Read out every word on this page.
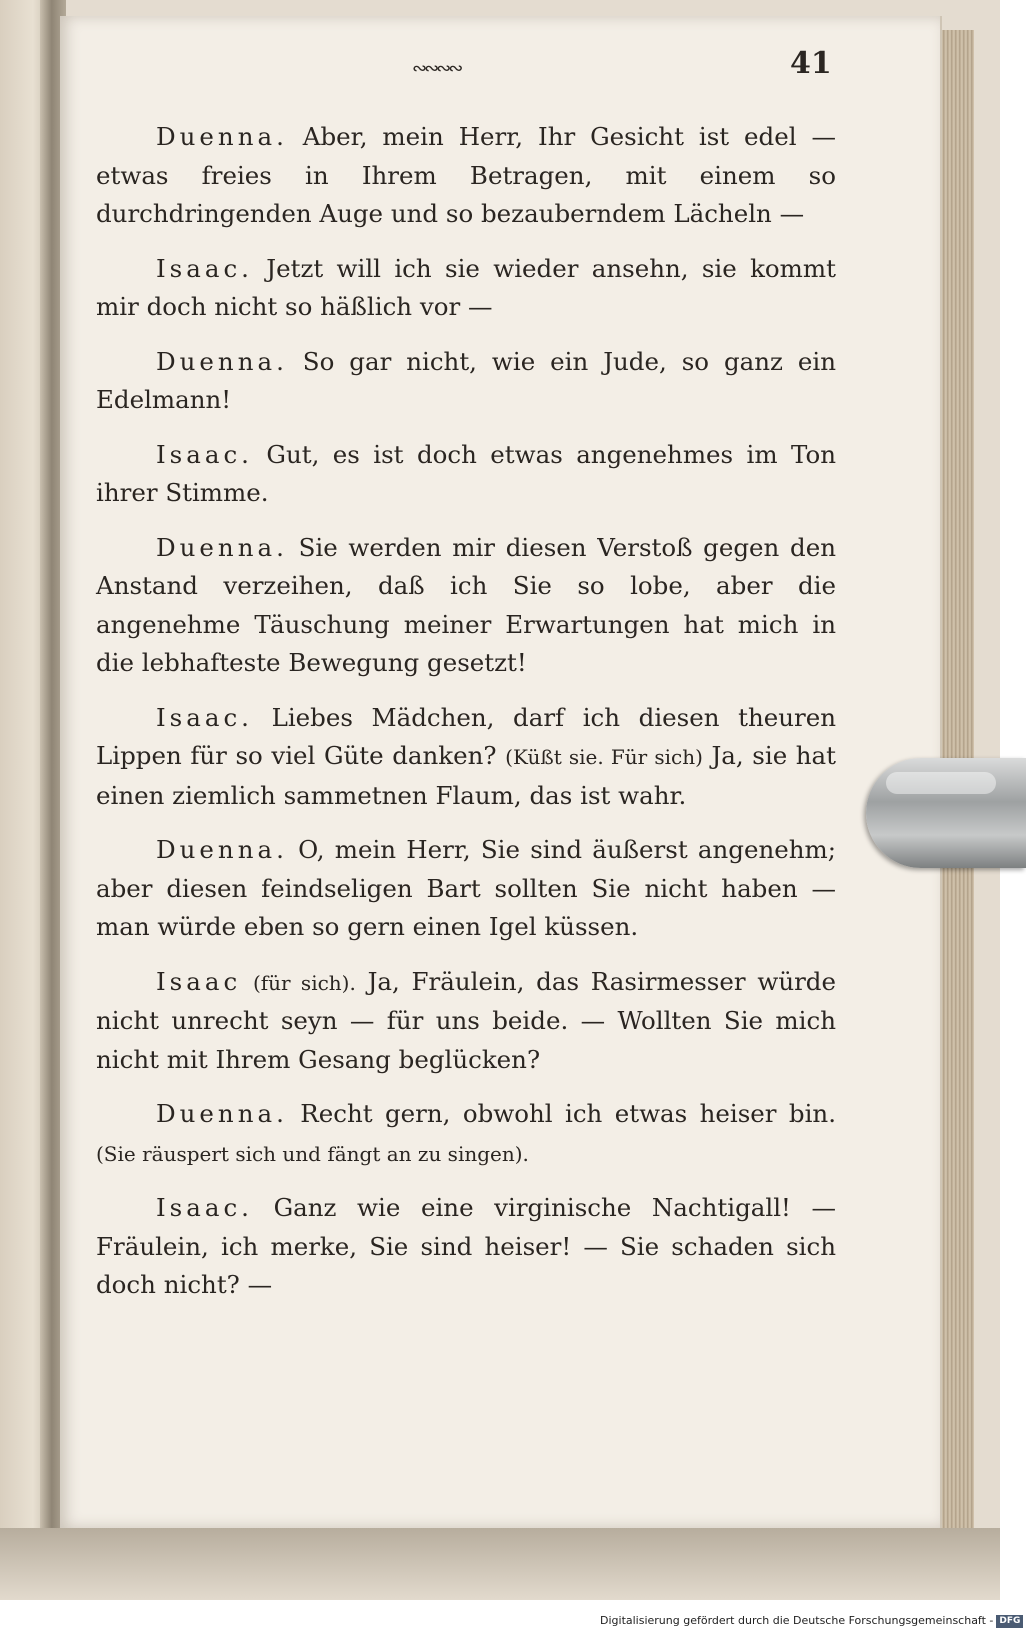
∾∾∾∾	41

Duenna. Aber, mein Herr, Ihr Gesicht ist edel — etwas freies in Ihrem Betragen, mit einem so durchdringenden Auge und so bezauberndem Lächeln —

Isaac. Jetzt will ich sie wieder ansehn, sie kommt mir doch nicht so häßlich vor —

Duenna. So gar nicht, wie ein Jude, so ganz ein Edelmann!

Isaac. Gut, es ist doch etwas angenehmes im Ton ihrer Stimme.

Duenna. Sie werden mir diesen Verstoß gegen den Anstand verzeihen, daß ich Sie so lobe, aber die angenehme Täuschung meiner Erwartungen hat mich in die lebhafteste Bewegung gesetzt!

Isaac. Liebes Mädchen, darf ich diesen theuren Lippen für so viel Güte danken? (Küßt sie. Für sich) Ja, sie hat einen ziemlich sammetnen Flaum, das ist wahr.

Duenna. O, mein Herr, Sie sind äußerst angenehm; aber diesen feindseligen Bart sollten Sie nicht haben — man würde eben so gern einen Igel küssen.

Isaac (für sich). Ja, Fräulein, das Rasirmesser würde nicht unrecht seyn — für uns beide. — Wollten Sie mich nicht mit Ihrem Gesang beglücken?

Duenna. Recht gern, obwohl ich etwas heiser bin. (Sie räuspert sich und fängt an zu singen).

Isaac. Ganz wie eine virginische Nachtigall! — Fräulein, ich merke, Sie sind heiser! — Sie schaden sich doch nicht? —

Digitalisierung gefördert durch die Deutsche Forschungsgemeinschaft - DFG
